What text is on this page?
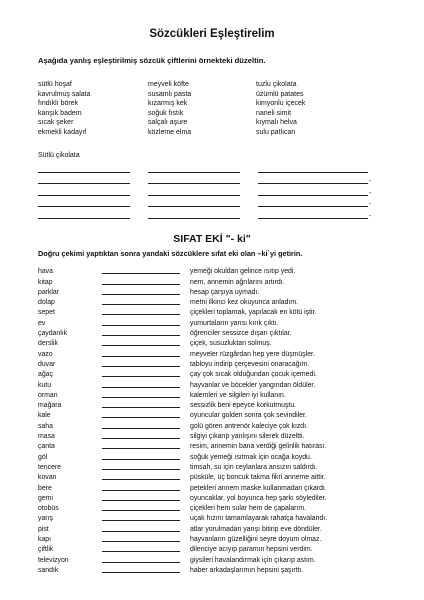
Sözcükleri Eşleştirelim
Aşağıda yanlış eşleştirilmiş sözcük çiftlerini örnekteki düzeltin.
sütlü hoşaf	meyveli köfte	tuzlu çikolata
kavrulmuş salata	susamlı pasta	üzümlü patates
fındıklı börek	kızarmış kek	kimyonlu içecek
kanşık badem	soğuk fıstık	naneli simit
sıcak şeker	salçalı aşure	kıymalı helva
ekmekli kadayıf	közleme elma	sulu patlıcan
Sütlü çikolata
-
-
-
-
SIFAT EKİ "- ki"
Doğru çekimi yaptıktan sonra yandaki sözcüklere sıfat eki olan –ki`yi getirin.
hava	yemeği okuldan gelince ısıtıp yedi.
kitap	nem, annemin ağrılarını artırdı.
parklar	hesap çarşıya uymadı.
dolap	metni ilkinci kez okuyunca anladım.
sepet	çiçekleri toplamak, yapılacak en kötü iştir.
ev	yumurtaların yarısı kırık çıktı.
çaydanlık	öğrenciler sessizce dışarı çıktılar.
derslik	çiçek, susuzluktan solmuş.
vazo	meyveler rüzgârdan hep yere düşmüşler.
duvar	tabloyu indirip çerçevesini onaracağım.
ağaç	çay çok sıcak olduğundan çocuk içemedi.
kutu	hayvanlar ve böcekler yangından öldüler.
orman	kalemleri ve silgileri iyi kullanın.
mağara	sessizlik beni epeyce korkutmuştu.
kale	oyuncular golden sonra çok sevindiler.
saha	golü gören antrenör kaleciye çok kızdı.
masa	silgiyi çıkarıp yanlışını silerek düzeltti.
çanta	resim, annemin bana verdiği gelinlik hatırası.
göl	soğuk yemeği ısıtmak için ocağa koydu.
tencere	timsah, su için ceylanlara ansızın saldırdı.
kovan	püsküle, üç boncuk takma fikri anneme aittir.
bere	petekleri annem maske kullanmadan çıkardı.
gemi	oyuncaklar, yol boyunca hep şarkı söylediler.
otobüs	çiçekleri hem sular hem de çapalarım.
yarış	uçak hızını tamamlayarak rahatça havalandı.
pist	atlar yorulmadan yarışı bitirip eve döndüler.
kapı	hayvanların güzelliğini seyre doyum olmaz.
çiftlik	dilenciye acıyıp paramın hepsini verdim.
televizyon	giysileri havalandırmak için çıkarıp astım.
sandık	haber arkadaşlarımın hepsini şaşırttı.
